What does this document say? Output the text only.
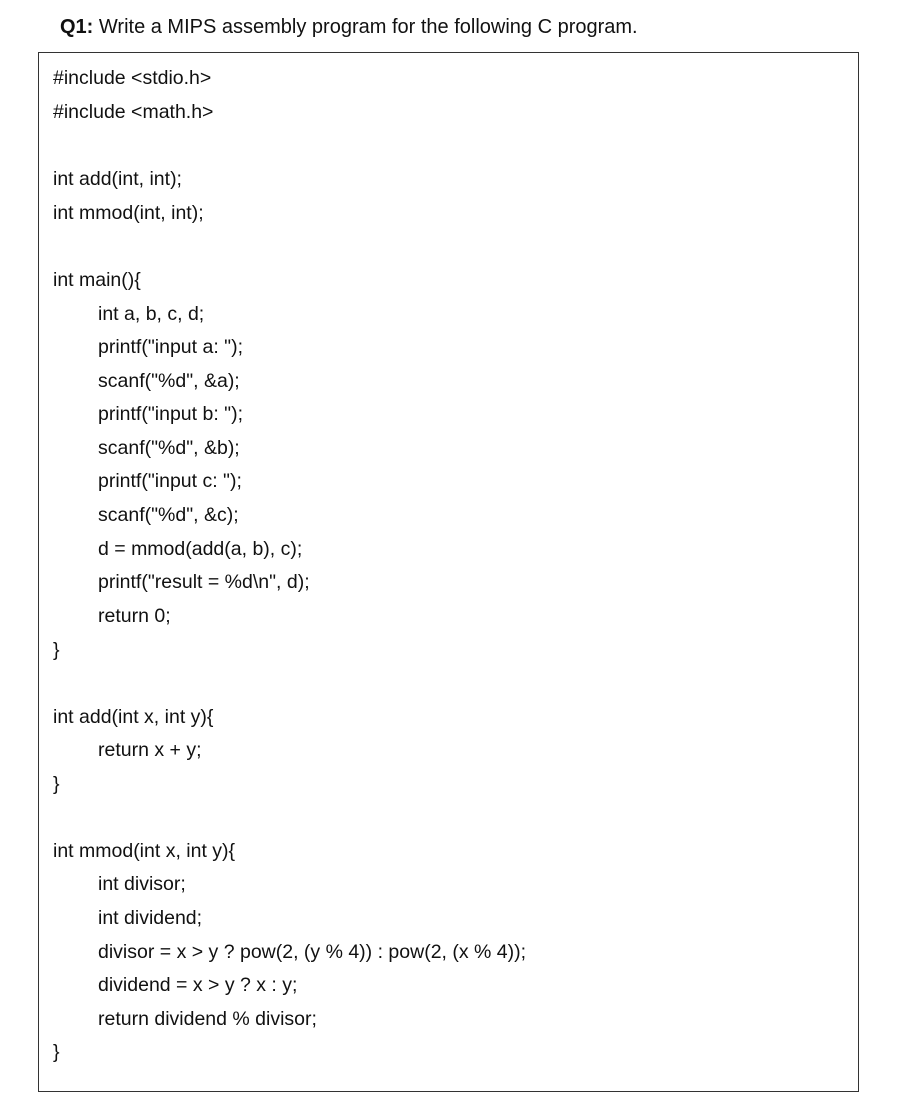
Q1: Write a MIPS assembly program for the following C program.
#include <stdio.h>
#include <math.h>
int add(int, int);
int mmod(int, int);
int main(){
int a, b, c, d;
printf("input a: ");
scanf("%d", &a);
printf("input b: ");
scanf("%d", &b);
printf("input c: ");
scanf("%d", &c);
d = mmod(add(a, b), c);
printf("result = %d\n", d);
return 0;
}
int add(int x, int y){
return x + y;
}
int mmod(int x, int y){
int divisor;
int dividend;
divisor = x > y ? pow(2, (y % 4)) : pow(2, (x % 4));
dividend = x > y ? x : y;
return dividend % divisor;
}
